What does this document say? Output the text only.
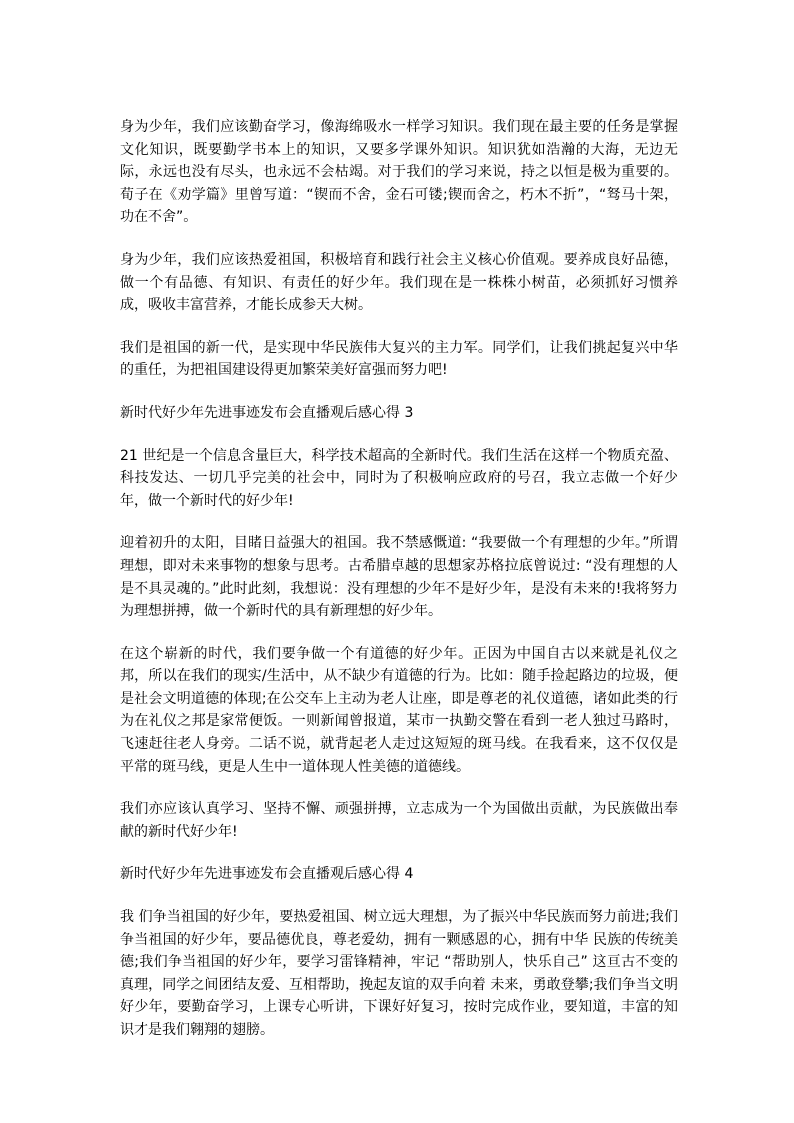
身为少年，我们应该勤奋学习，像海绵吸水一样学习知识。我们现在最主要的任务是掌握文化知识，既要勤学书本上的知识，又要多学课外知识。知识犹如浩瀚的大海，无边无际，永远也没有尽头，也永远不会枯竭。对于我们的学习来说，持之以恒是极为重要的。荀子在《劝学篇》里曾写道：“锲而不舍，金石可镂;锲而舍之，朽木不折”，“驽马十架，功在不舍”。

身为少年，我们应该热爱祖国，积极培育和践行社会主义核心价值观。要养成良好品德，做一个有品德、有知识、有责任的好少年。我们现在是一株株小树苗，必须抓好习惯养成，吸收丰富营养，才能长成参天大树。

我们是祖国的新一代，是实现中华民族伟大复兴的主力军。同学们，让我们挑起复兴中华的重任，为把祖国建设得更加繁荣美好富强而努力吧!

新时代好少年先进事迹发布会直播观后感心得 3

21 世纪是一个信息含量巨大，科学技术超高的全新时代。我们生活在这样一个物质充盈、科技发达、一切几乎完美的社会中，同时为了积极响应政府的号召，我立志做一个好少年，做一个新时代的好少年!

迎着初升的太阳，目睹日益强大的祖国。我不禁感慨道: “我要做一个有理想的少年。”所谓理想，即对未来事物的想象与思考。古希腊卓越的思想家苏格拉底曾说过: “没有理想的人是不具灵魂的。”此时此刻，我想说：没有理想的少年不是好少年，是没有未来的!我将努力为理想拼搏，做一个新时代的具有新理想的好少年。

在这个崭新的时代，我们要争做一个有道德的好少年。正因为中国自古以来就是礼仪之邦，所以在我们的现实/生活中，从不缺少有道德的行为。比如：随手捡起路边的垃圾，便是社会文明道德的体现;在公交车上主动为老人让座，即是尊老的礼仪道德，诸如此类的行为在礼仪之邦是家常便饭。一则新闻曾报道，某市一执勤交警在看到一老人独过马路时，飞速赶往老人身旁。二话不说，就背起老人走过这短短的斑马线。在我看来，这不仅仅是平常的斑马线，更是人生中一道体现人性美德的道德线。

我们亦应该认真学习、坚持不懈、顽强拼搏，立志成为一个为国做出贡献，为民族做出奉献的新时代好少年!

新时代好少年先进事迹发布会直播观后感心得 4

我 们争当祖国的好少年，要热爱祖国、树立远大理想，为了振兴中华民族而努力前进;我们争当祖国的好少年，要品德优良，尊老爱幼，拥有一颗感恩的心，拥有中华 民族的传统美德;我们争当祖国的好少年，要学习雷锋精神，牢记 “帮助别人，快乐自己” 这亘古不变的真理，同学之间团结友爱、互相帮助，挽起友谊的双手向着 未来，勇敢登攀;我们争当文明好少年，要勤奋学习，上课专心听讲，下课好好复习，按时完成作业，要知道，丰富的知识才是我们翱翔的翅膀。
